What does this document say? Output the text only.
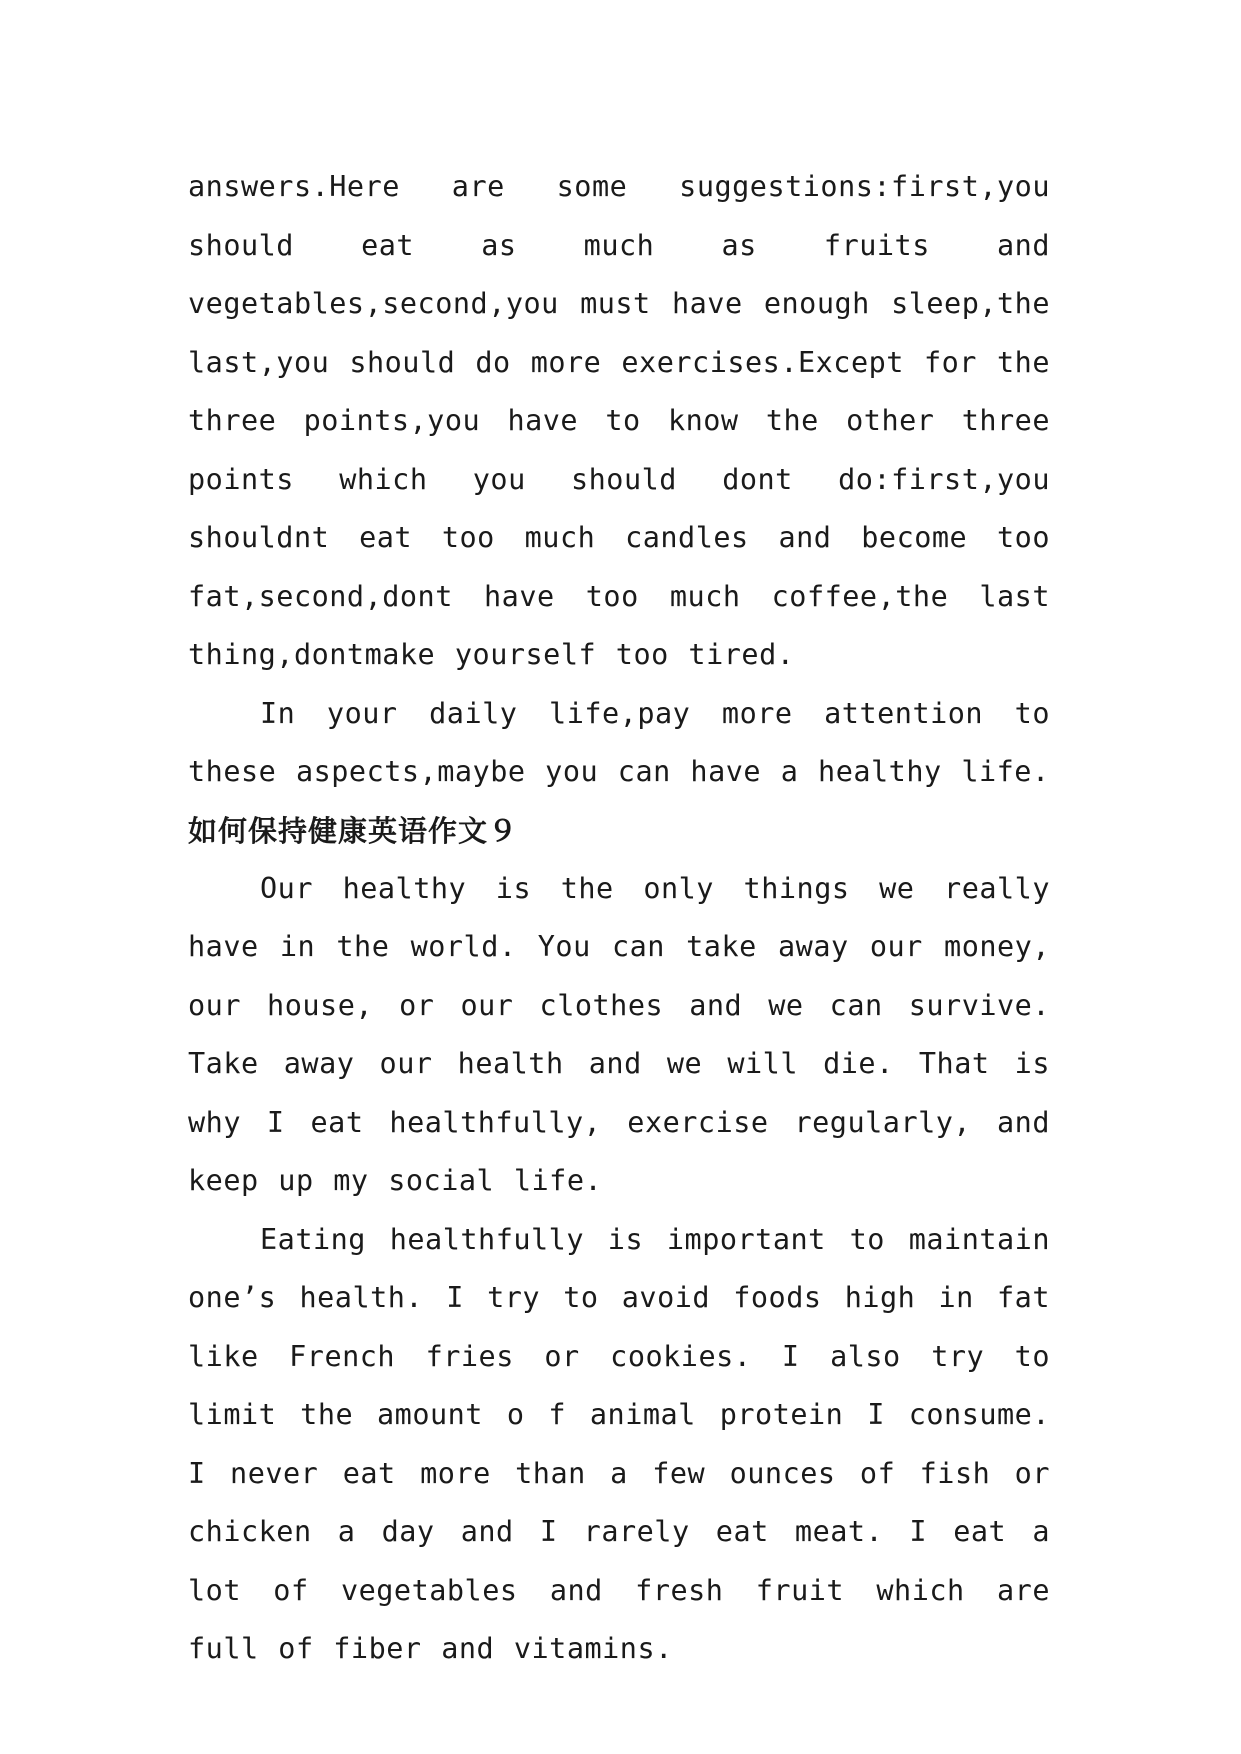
answers.Here are some suggestions:first,you should eat as much as fruits and vegetables,second,you must have enough sleep,the last,you should do more exercises.Except for the three points,you have to know the other three points which you should dont do:first,you shouldnt eat too much candles and become too fat,second,dont have too much coffee,the last thing,dontmake yourself too tired.

In your daily life,pay more attention to these aspects,maybe you can have a healthy life.

如何保持健康英语作文９

Our healthy is the only things we really have in the world. You can take away our money, our house, or our clothes and we can survive. Take away our health and we will die. That is why I eat healthfully, exercise regularly, and keep up my social life.

Eating healthfully is important to maintain one’s health. I try to avoid foods high in fat like French fries or cookies. I also try to limit the amount o f animal protein I consume. I never eat more than a few ounces of fish or chicken a day and I rarely eat meat. I eat a lot of vegetables and fresh fruit which are full of fiber and vitamins.
